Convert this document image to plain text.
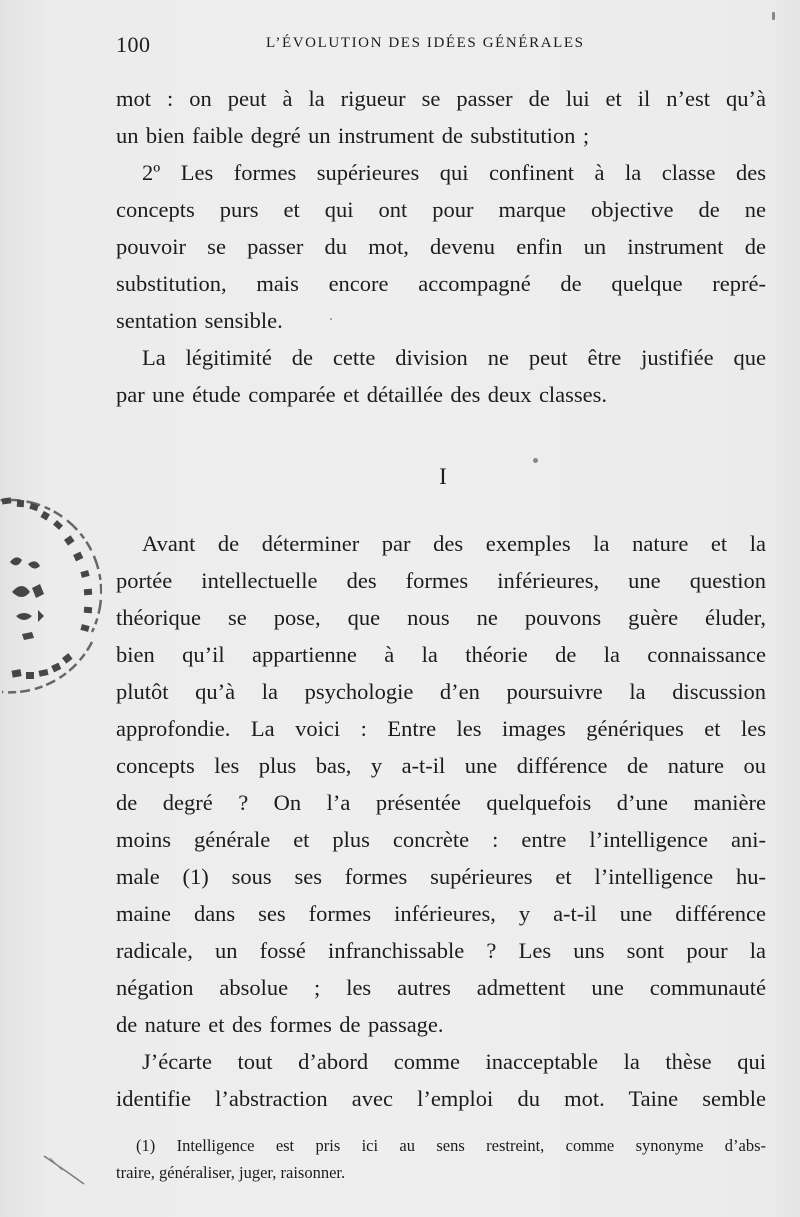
100	L’ÉVOLUTION DES IDÉES GÉNÉRALES
mot : on peut à la rigueur se passer de lui et il n’est qu’à
un bien faible degré un instrument de substitution ;
2º Les formes supérieures qui confinent à la classe des
concepts purs et qui ont pour marque objective de ne
pouvoir se passer du mot, devenu enfin un instrument de
substitution, mais encore accompagné de quelque repré-
sentation sensible.
La légitimité de cette division ne peut être justifiée que
par une étude comparée et détaillée des deux classes.
I
Avant de déterminer par des exemples la nature et la
portée intellectuelle des formes inférieures, une question
théorique se pose, que nous ne pouvons guère éluder,
bien qu’il appartienne à la théorie de la connaissance
plutôt qu’à la psychologie d’en poursuivre la discussion
approfondie. La voici : Entre les images génériques et les
concepts les plus bas, y a-t-il une différence de nature ou
de degré ? On l’a présentée quelquefois d’une manière
moins générale et plus concrète : entre l’intelligence ani-
male (1) sous ses formes supérieures et l’intelligence hu-
maine dans ses formes inférieures, y a-t-il une différence
radicale, un fossé infranchissable ? Les uns sont pour la
négation absolue ; les autres admettent une communauté
de nature et des formes de passage.
J’écarte tout d’abord comme inacceptable la thèse qui
identifie l’abstraction avec l’emploi du mot. Taine semble
(1) Intelligence est pris ici au sens restreint, comme synonyme d’abs-
traire, généraliser, juger, raisonner.
